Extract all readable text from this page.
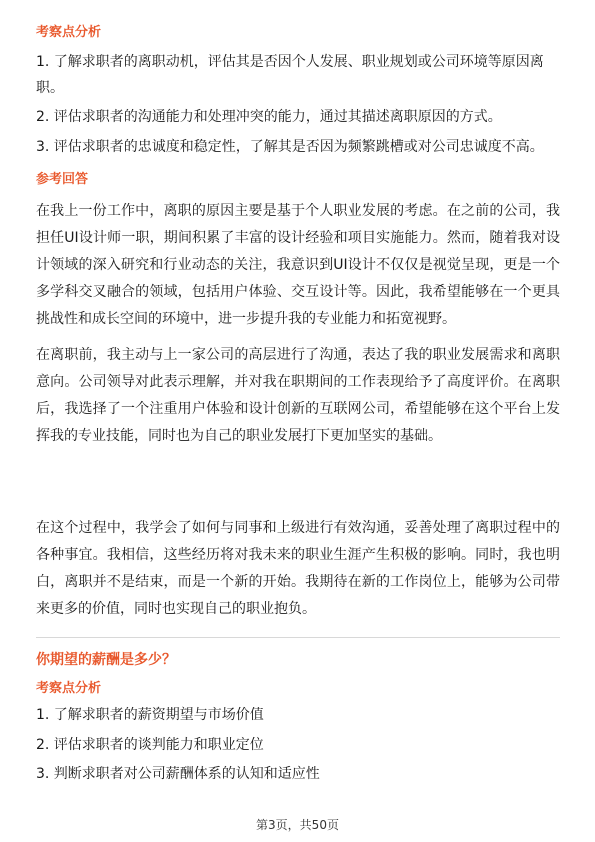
考察点分析
1. 了解求职者的离职动机，评估其是否因个人发展、职业规划或公司环境等原因离
职。
2. 评估求职者的沟通能力和处理冲突的能力，通过其描述离职原因的方式。
3. 评估求职者的忠诚度和稳定性，了解其是否因为频繁跳槽或对公司忠诚度不高。
参考回答
在我上一份工作中，离职的原因主要是基于个人职业发展的考虑。在之前的公司，我担任UI设计师一职，期间积累了丰富的设计经验和项目实施能力。然而，随着我对设计领域的深入研究和行业动态的关注，我意识到UI设计不仅仅是视觉呈现，更是一个多学科交叉融合的领域，包括用户体验、交互设计等。因此，我希望能够在一个更具挑战性和成长空间的环境中，进一步提升我的专业能力和拓宽视野。
在离职前，我主动与上一家公司的高层进行了沟通，表达了我的职业发展需求和离职意向。公司领导对此表示理解，并对我在职期间的工作表现给予了高度评价。在离职后，我选择了一个注重用户体验和设计创新的互联网公司，希望能够在这个平台上发挥我的专业技能，同时也为自己的职业发展打下更加坚实的基础。
在这个过程中，我学会了如何与同事和上级进行有效沟通，妥善处理了离职过程中的各种事宜。我相信，这些经历将对我未来的职业生涯产生积极的影响。同时，我也明白，离职并不是结束，而是一个新的开始。我期待在新的工作岗位上，能够为公司带来更多的价值，同时也实现自己的职业抱负。
你期望的薪酬是多少？
考察点分析
1. 了解求职者的薪资期望与市场价值
2. 评估求职者的谈判能力和职业定位
3. 判断求职者对公司薪酬体系的认知和适应性
第3页，共50页
